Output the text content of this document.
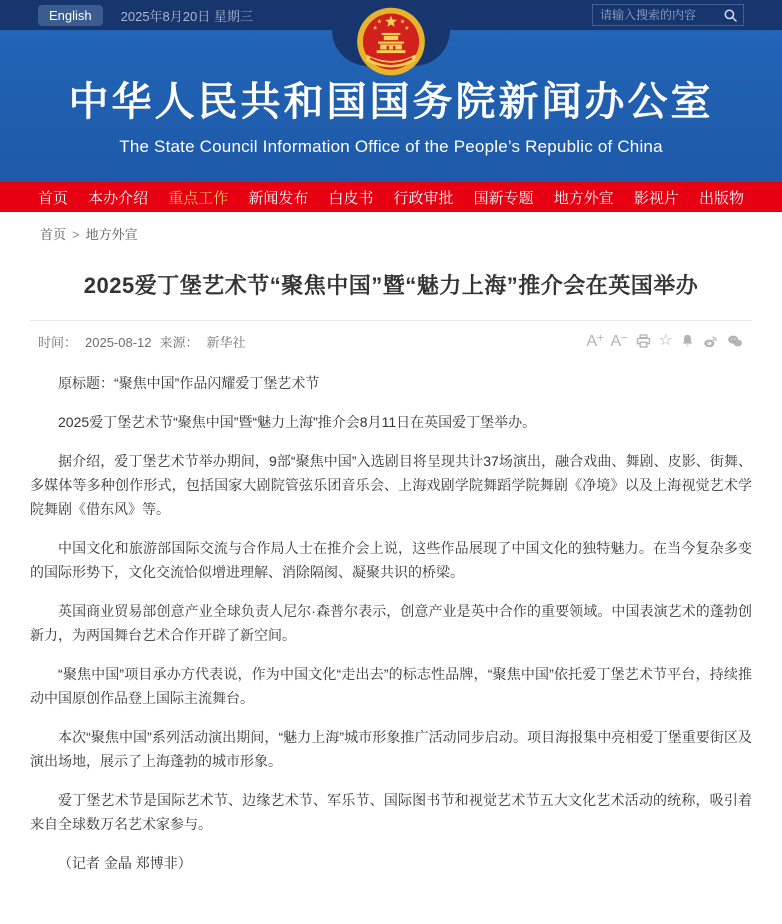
English	2025年8月20日 星期三
请输入搜索的内容
中华人民共和国国务院新闻办公室
The State Council Information Office of the People’s Republic of China
首页 本办介绍 重点工作 新闻发布 白皮书 行政审批 国新专题 地方外宣 影视片 出版物
首页 > 地方外宣
2025爱丁堡艺术节“聚焦中国”暨“魅力上海”推介会在英国举办
时间： 2025-08-12 来源： 新华社	A⁺ A⁻ ☆

原标题：“聚焦中国”作品闪耀爱丁堡艺术节

2025爱丁堡艺术节“聚焦中国”暨“魅力上海”推介会8月11日在英国爱丁堡举办。

据介绍，爱丁堡艺术节举办期间，9部“聚焦中国”入选剧目将呈现共计37场演出，融合戏曲、舞剧、皮影、街舞、多媒体等多种创作形式，包括国家大剧院管弦乐团音乐会、上海戏剧学院舞蹈学院舞剧《净境》以及上海视觉艺术学院舞剧《借东风》等。

中国文化和旅游部国际交流与合作局人士在推介会上说，这些作品展现了中国文化的独特魅力。在当今复杂多变的国际形势下，文化交流恰似增进理解、消除隔阂、凝聚共识的桥梁。

英国商业贸易部创意产业全球负责人尼尔·森普尔表示，创意产业是英中合作的重要领域。中国表演艺术的蓬勃创新力，为两国舞台艺术合作开辟了新空间。

“聚焦中国”项目承办方代表说，作为中国文化“走出去”的标志性品牌，“聚焦中国”依托爱丁堡艺术节平台，持续推动中国原创作品登上国际主流舞台。

本次“聚焦中国”系列活动演出期间，“魅力上海”城市形象推广活动同步启动。项目海报集中亮相爱丁堡重要街区及演出场地，展示了上海蓬勃的城市形象。

爱丁堡艺术节是国际艺术节、边缘艺术节、军乐节、国际图书节和视觉艺术节五大文化艺术活动的统称，吸引着来自全球数万名艺术家参与。

（记者 金晶 郑博非）
